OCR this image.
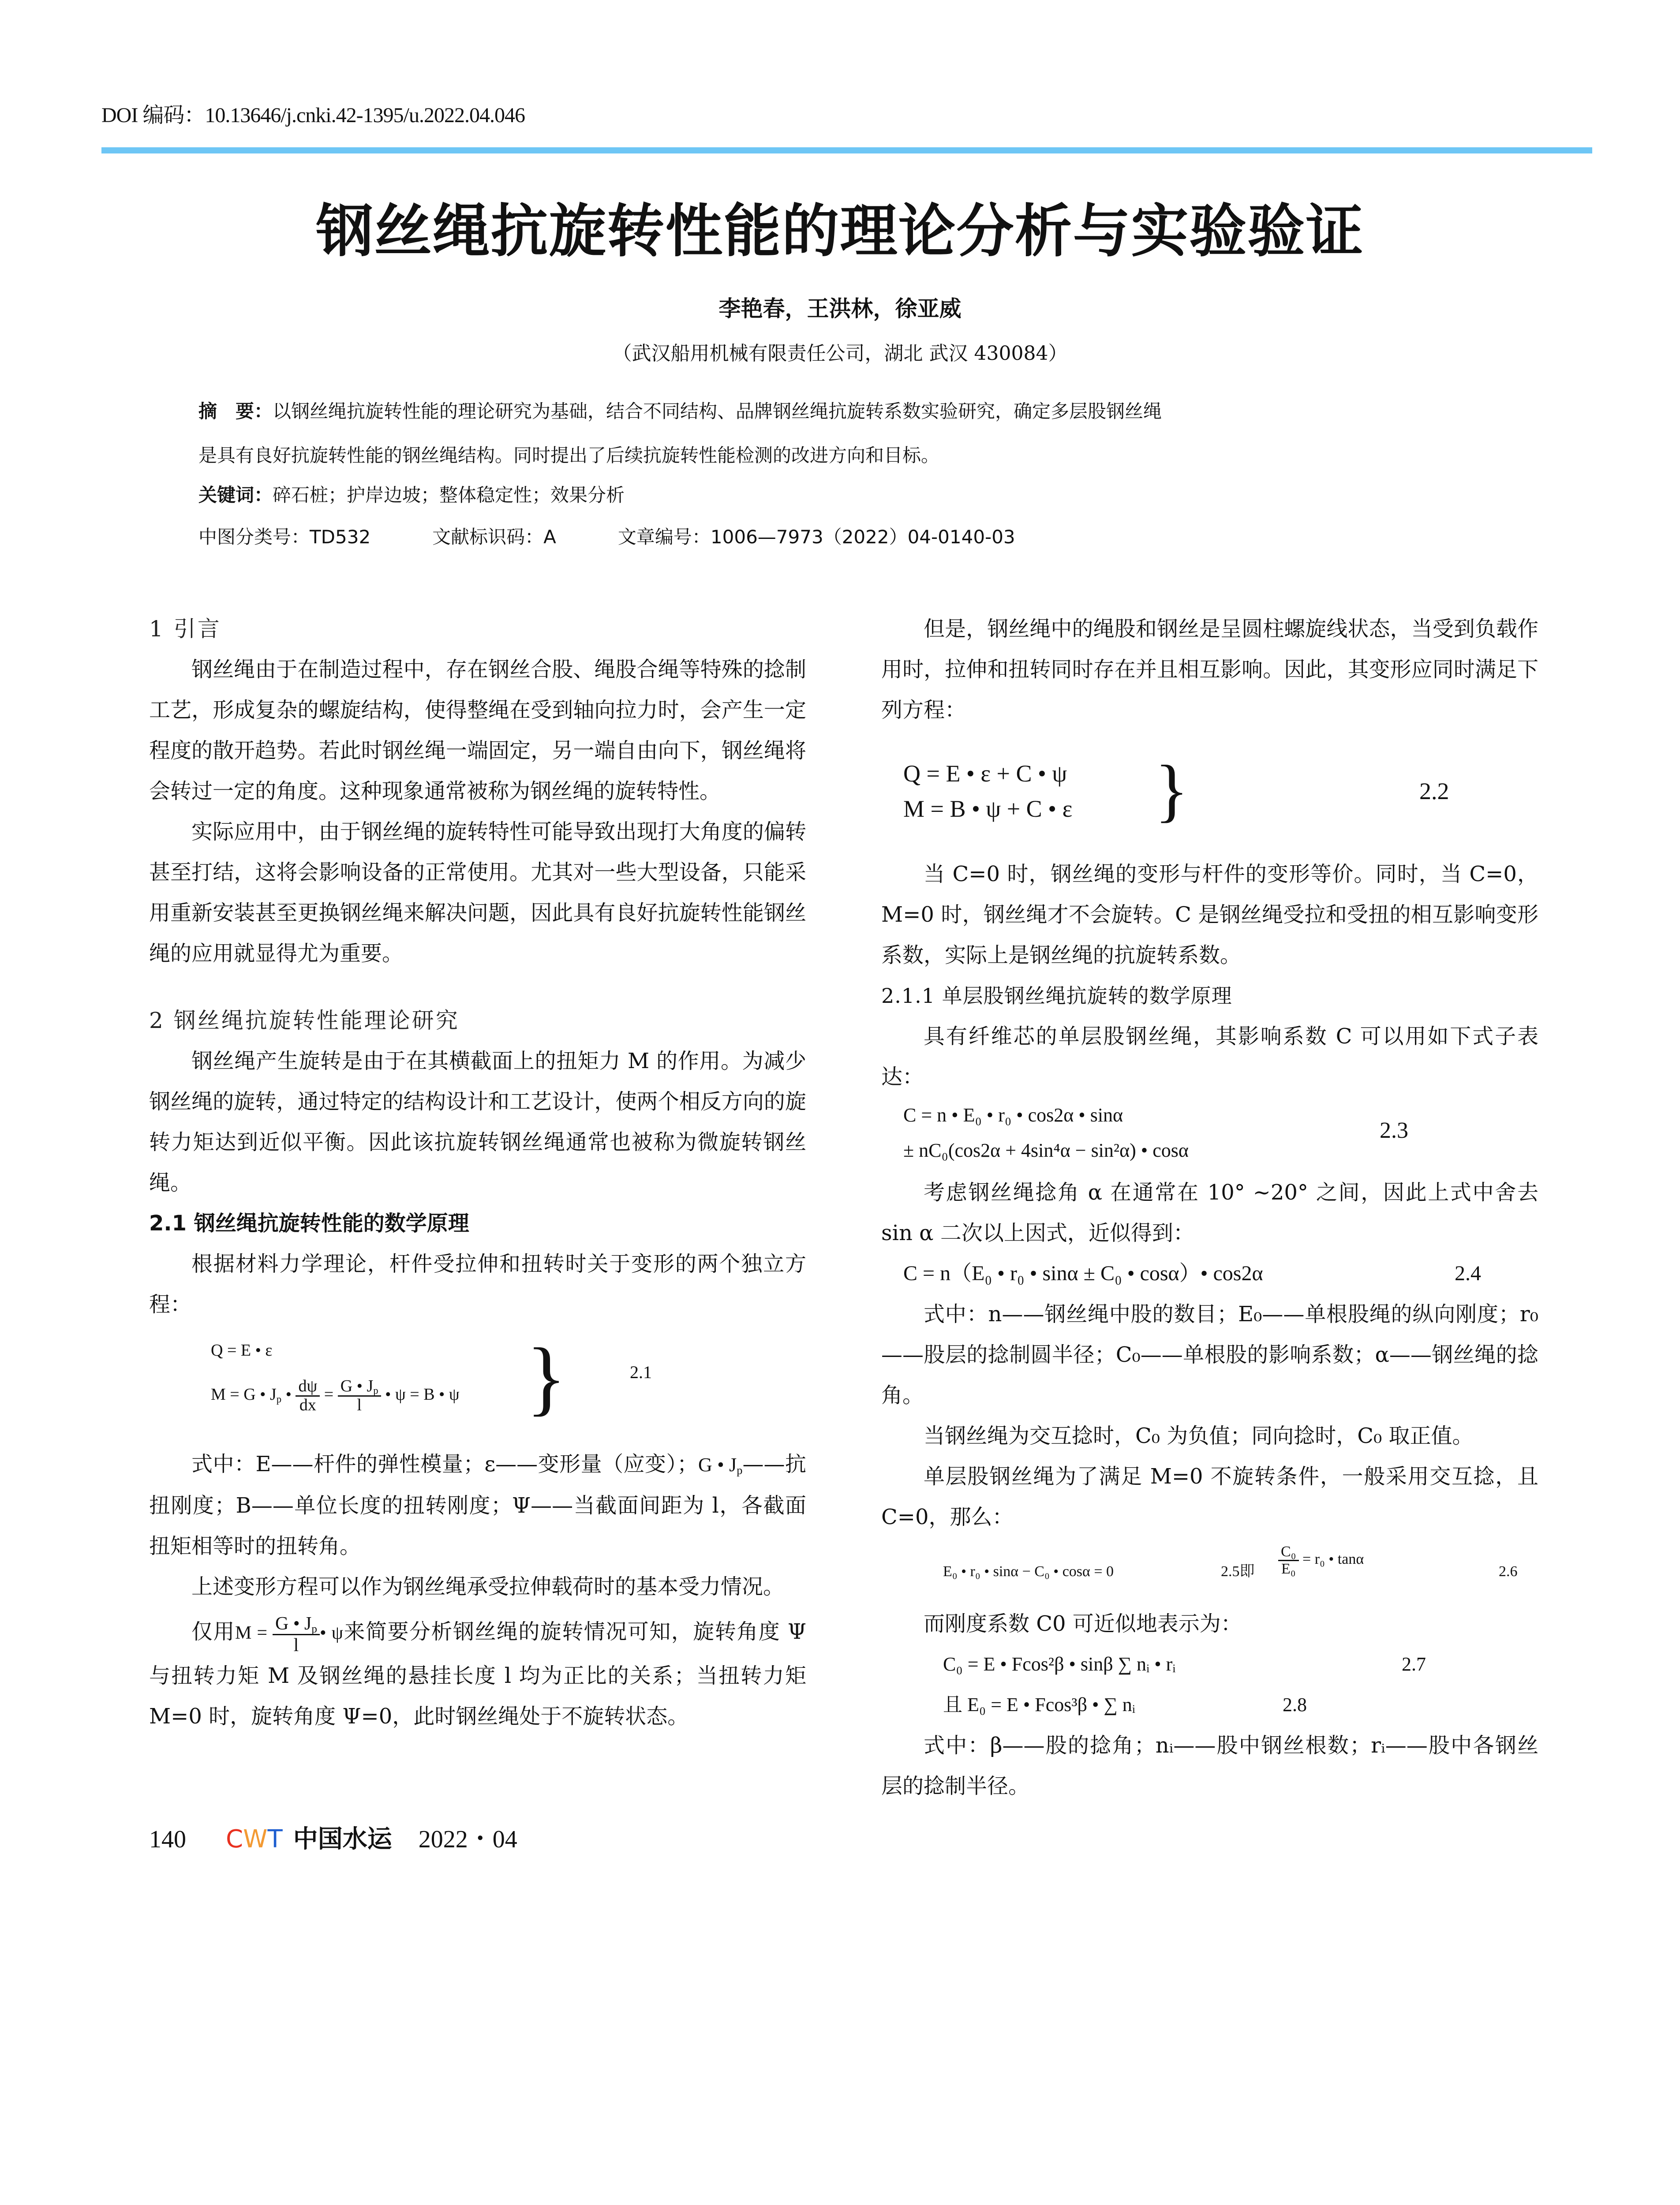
DOI 编码：10.13646/j.cnki.42-1395/u.2022.04.046
钢丝绳抗旋转性能的理论分析与实验验证
李艳春，王洪林，徐亚威
（武汉船用机械有限责任公司，湖北 武汉 430084）
摘　要：以钢丝绳抗旋转性能的理论研究为基础，结合不同结构、品牌钢丝绳抗旋转系数实验研究，确定多层股钢丝绳
是具有良好抗旋转性能的钢丝绳结构。同时提出了后续抗旋转性能检测的改进方向和目标。
关键词：碎石桩；护岸边坡；整体稳定性；效果分析
中图分类号：TD532	文献标识码：A	文章编号：1006—7973（2022）04-0140-03
1 引言
钢丝绳由于在制造过程中，存在钢丝合股、绳股合绳等特殊的捻制工艺，形成复杂的螺旋结构，使得整绳在受到轴向拉力时，会产生一定程度的散开趋势。若此时钢丝绳一端固定，另一端自由向下，钢丝绳将会转过一定的角度。这种现象通常被称为钢丝绳的旋转特性。
实际应用中，由于钢丝绳的旋转特性可能导致出现打大角度的偏转甚至打结，这将会影响设备的正常使用。尤其对一些大型设备，只能采用重新安装甚至更换钢丝绳来解决问题，因此具有良好抗旋转性能钢丝绳的应用就显得尤为重要。
2 钢丝绳抗旋转性能理论研究
钢丝绳产生旋转是由于在其横截面上的扭矩力 M 的作用。为减少钢丝绳的旋转，通过特定的结构设计和工艺设计，使两个相反方向的旋转力矩达到近似平衡。因此该抗旋转钢丝绳通常也被称为微旋转钢丝绳。
2.1 钢丝绳抗旋转性能的数学原理
根据材料力学理论，杆件受拉伸和扭转时关于变形的两个独立方程：
Q = E • ε
M = G • $J_p$ • $\frac{d\psi}{dx} = \frac{G • J_p}{l}$ • ψ = B • ψ }	2.1
式中：E——杆件的弹性模量；ε——变形量（应变）；G • $J_p——$抗扭刚度；B——单位长度的扭转刚度；Ψ——当截面间距为 l，各截面扭矩相等时的扭转角。
上述变形方程可以作为钢丝绳承受拉伸载荷时的基本受力情况。
仅用$M = \frac{G • J_p}{l}$ • ψ来简要分析钢丝绳的旋转情况可知，旋转角度 Ψ 与扭转力矩 M 及钢丝绳的悬挂长度 l 均为正比的关系；当扭转力矩 M=0 时，旋转角度 Ψ=0，此时钢丝绳处于不旋转状态。
但是，钢丝绳中的绳股和钢丝是呈圆柱螺旋线状态，当受到负载作用时，拉伸和扭转同时存在并且相互影响。因此，其变形应同时满足下列方程：
Q = E • ε + C • ψ
M = B • ψ + C • ε }	2.2
当 C=0 时，钢丝绳的变形与杆件的变形等价。同时，当 C=0，M=0 时，钢丝绳才不会旋转。C 是钢丝绳受拉和受扭的相互影响变形系数，实际上是钢丝绳的抗旋转系数。
2.1.1 单层股钢丝绳抗旋转的数学原理
具有纤维芯的单层股钢丝绳，其影响系数 C 可以用如下式子表达：
C = n • E₀ • r₀ • cos2α • sinα
± nC₀(cos2α + 4sin⁴α − sin²α) • cosα
2.3
考虑钢丝绳捻角 α 在通常在 10° ~20° 之间，因此上式中舍去 sin α 二次以上因式，近似得到：
C = n（E₀ • r₀ • sinα ± C₀ • cosα）• cos2α	2.4
式中：n——钢丝绳中股的数目；E₀——单根股绳的纵向刚度；r₀——股层的捻制圆半径；C₀——单根股的影响系数；α——钢丝绳的捻角。
当钢丝绳为交互捻时，C₀ 为负值；同向捻时，C₀ 取正值。
单层股钢丝绳为了满足 M=0 不旋转条件，一般采用交互捻，且 C=0，那么：
E₀ • r₀ • sinα − C₀ • cosα = 0	2.5即 $\frac{\text{C₀}}{\text{E₀}} = r_0$ • tanα
2.6
而刚度系数 C0 可近似地表示为：
C₀ = E • Fcos²β • sinβ ∑ nᵢ • rᵢ	2.7
且 E₀ = E • Fcos³β • ∑ nᵢ	2.8
式中：β——股的捻角；nᵢ——股中钢丝根数；rᵢ——股中各钢丝层的捻制半径。
140 CWT 中国水运 2022・04
